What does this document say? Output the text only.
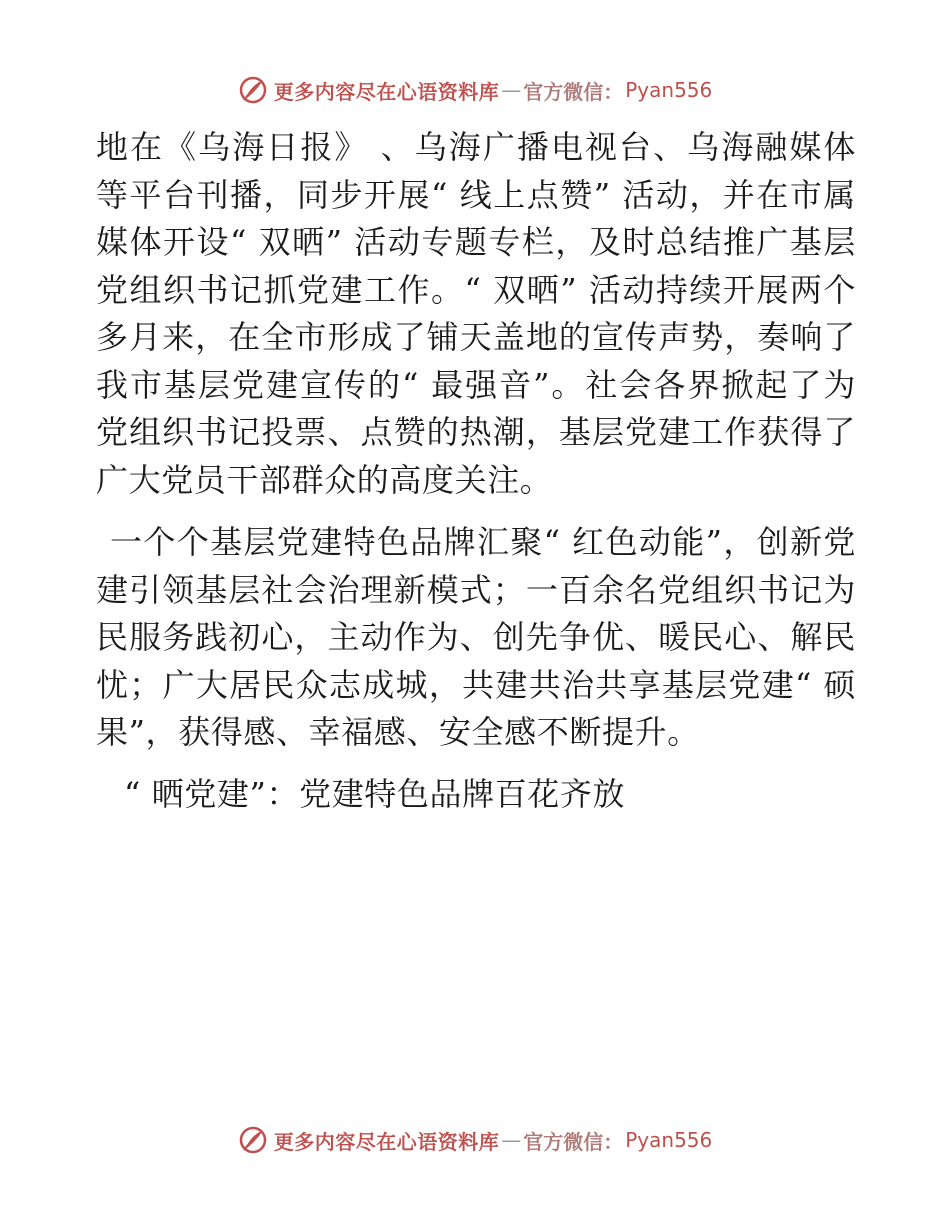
更多内容尽在心语资料库 — 官方微信： Pyan556

地在《乌海日报》 、乌海广播电视台、乌海融媒体等平台刊播，同步开展“ 线上点赞” 活动，并在市属媒体开设“ 双晒” 活动专题专栏，及时总结推广基层党组织书记抓党建工作。“ 双晒” 活动持续开展两个多月来，在全市形成了铺天盖地的宣传声势，奏响了我市基层党建宣传的“ 最强音”。社会各界掀起了为党组织书记投票、点赞的热潮，基层党建工作获得了广大党员干部群众的高度关注。

一个个基层党建特色品牌汇聚“ 红色动能”，创新党建引领基层社会治理新模式；一百余名党组织书记为民服务践初心，主动作为、创先争优、暖民心、解民忧；广大居民众志成城，共建共治共享基层党建“ 硕果”，获得感、幸福感、安全感不断提升。

“ 晒党建”：党建特色品牌百花齐放

更多内容尽在心语资料库 — 官方微信： Pyan556
